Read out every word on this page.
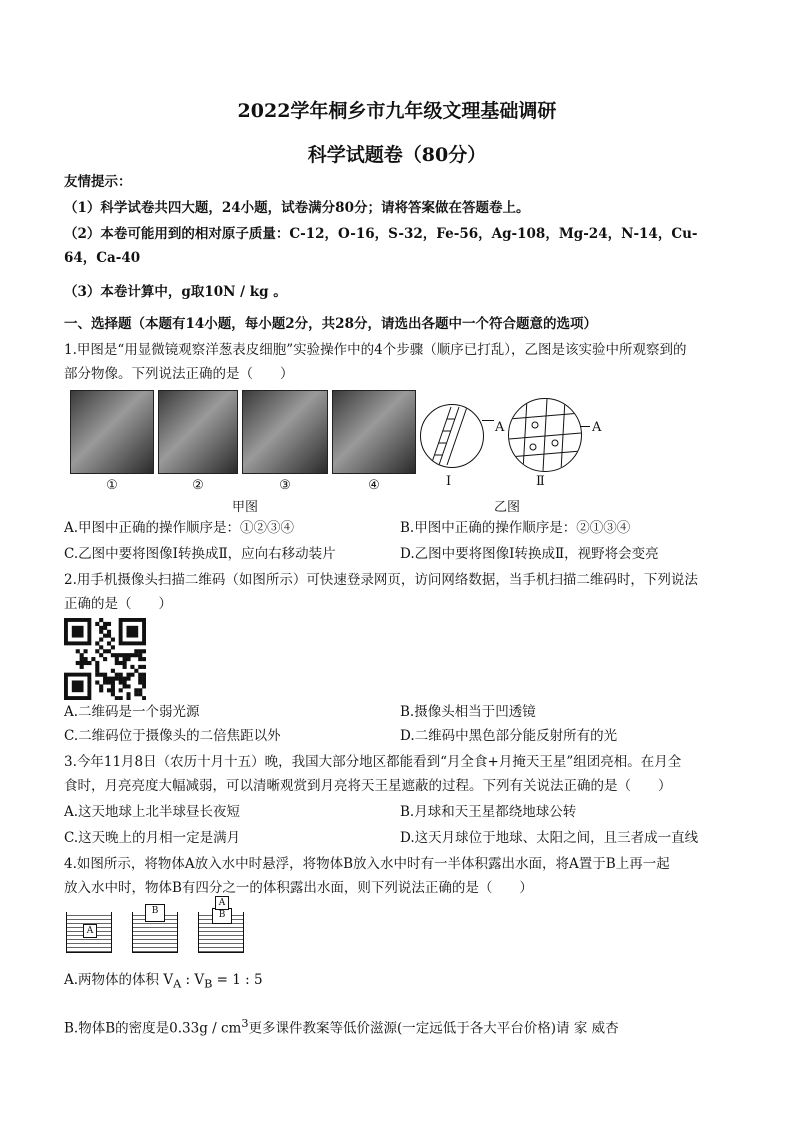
2022学年桐乡市九年级文理基础调研
科学试题卷（80分）
友情提示：
（1）科学试卷共四大题，24小题，试卷满分80分；请将答案做在答题卷上。
（2）本卷可能用到的相对原子质量：C-12，O-16，S-32，Fe-56，Ag-108，Mg-24，N-14，Cu-
64，Ca-40
（3）本卷计算中，g取10N / kg 。
一、选择题（本题有14小题，每小题2分，共28分，请选出各题中一个符合题意的选项）
1.甲图是“用显微镜观察洋葱表皮细胞”实验操作中的4个步骤（顺序已打乱），乙图是该实验中所观察到的
部分物像。下列说法正确的是（　　）
①	②	③	④
A
Ⅰ
A
Ⅱ
甲图	乙图
A.甲图中正确的操作顺序是：①②③④	B.甲图中正确的操作顺序是：②①③④
C.乙图中要将图像Ⅰ转换成Ⅱ，应向右移动装片	D.乙图中要将图像Ⅰ转换成Ⅱ，视野将会变亮
2.用手机摄像头扫描二维码（如图所示）可快速登录网页，访问网络数据，当手机扫描二维码时，下列说法
正确的是（　　）
A.二维码是一个弱光源	B.摄像头相当于凹透镜
C.二维码位于摄像头的二倍焦距以外	D.二维码中黑色部分能反射所有的光
3.今年11月8日（农历十月十五）晚，我国大部分地区都能看到“月全食+月掩天王星”组团亮相。在月全
食时，月亮亮度大幅减弱，可以清晰观赏到月亮将天王星遮蔽的过程。下列有关说法正确的是（　　）
A.这天地球上北半球昼长夜短	B.月球和天王星都绕地球公转
C.这天晚上的月相一定是满月	D.这天月球位于地球、太阳之间，且三者成一直线
4.如图所示，将物体A放入水中时悬浮，将物体B放入水中时有一半体积露出水面，将A置于B上再一起
放入水中时，物体B有四分之一的体积露出水面，则下列说法正确的是（　　）
A
B	B
A
A.两物体的体积 $V_A$ : $V_B = 1$ : 5
B.物体B的密度是$0.33g / cm^3$更多课件教案等低价滋源(一定远低于各大平台价格)请 家 威杏
